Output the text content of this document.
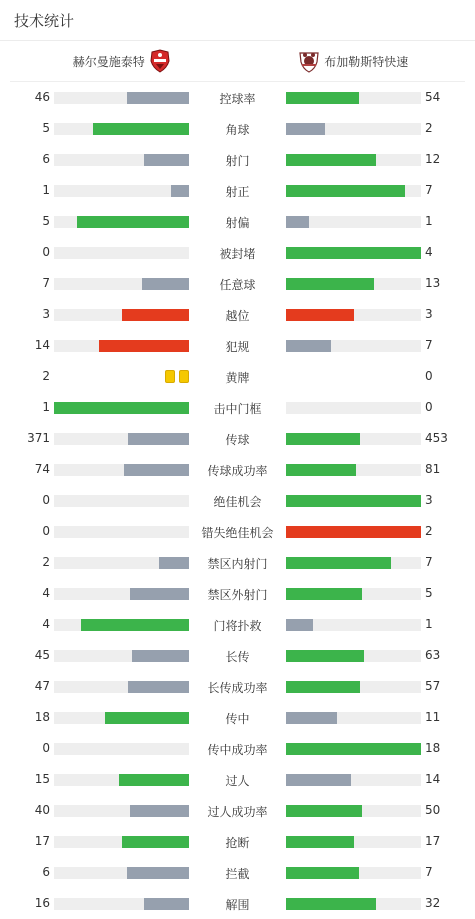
技术统计
赫尔曼施泰特	布加勒斯特快速
46	控球率	54
5	角球	2
6	射门	12
1	射正	7
5	射偏	1
0	被封堵	4
7	任意球	13
3	越位	3
14	犯规	7
2	黄牌	0
1	击中门框	0
371	传球	453
74	传球成功率	81
0	绝佳机会	3
0	错失绝佳机会	2
2	禁区内射门	7
4	禁区外射门	5
4	门将扑救	1
45	长传	63
47	长传成功率	57
18	传中	11
0	传中成功率	18
15	过人	14
40	过人成功率	50
17	抢断	17
6	拦截	7
16	解围	32
